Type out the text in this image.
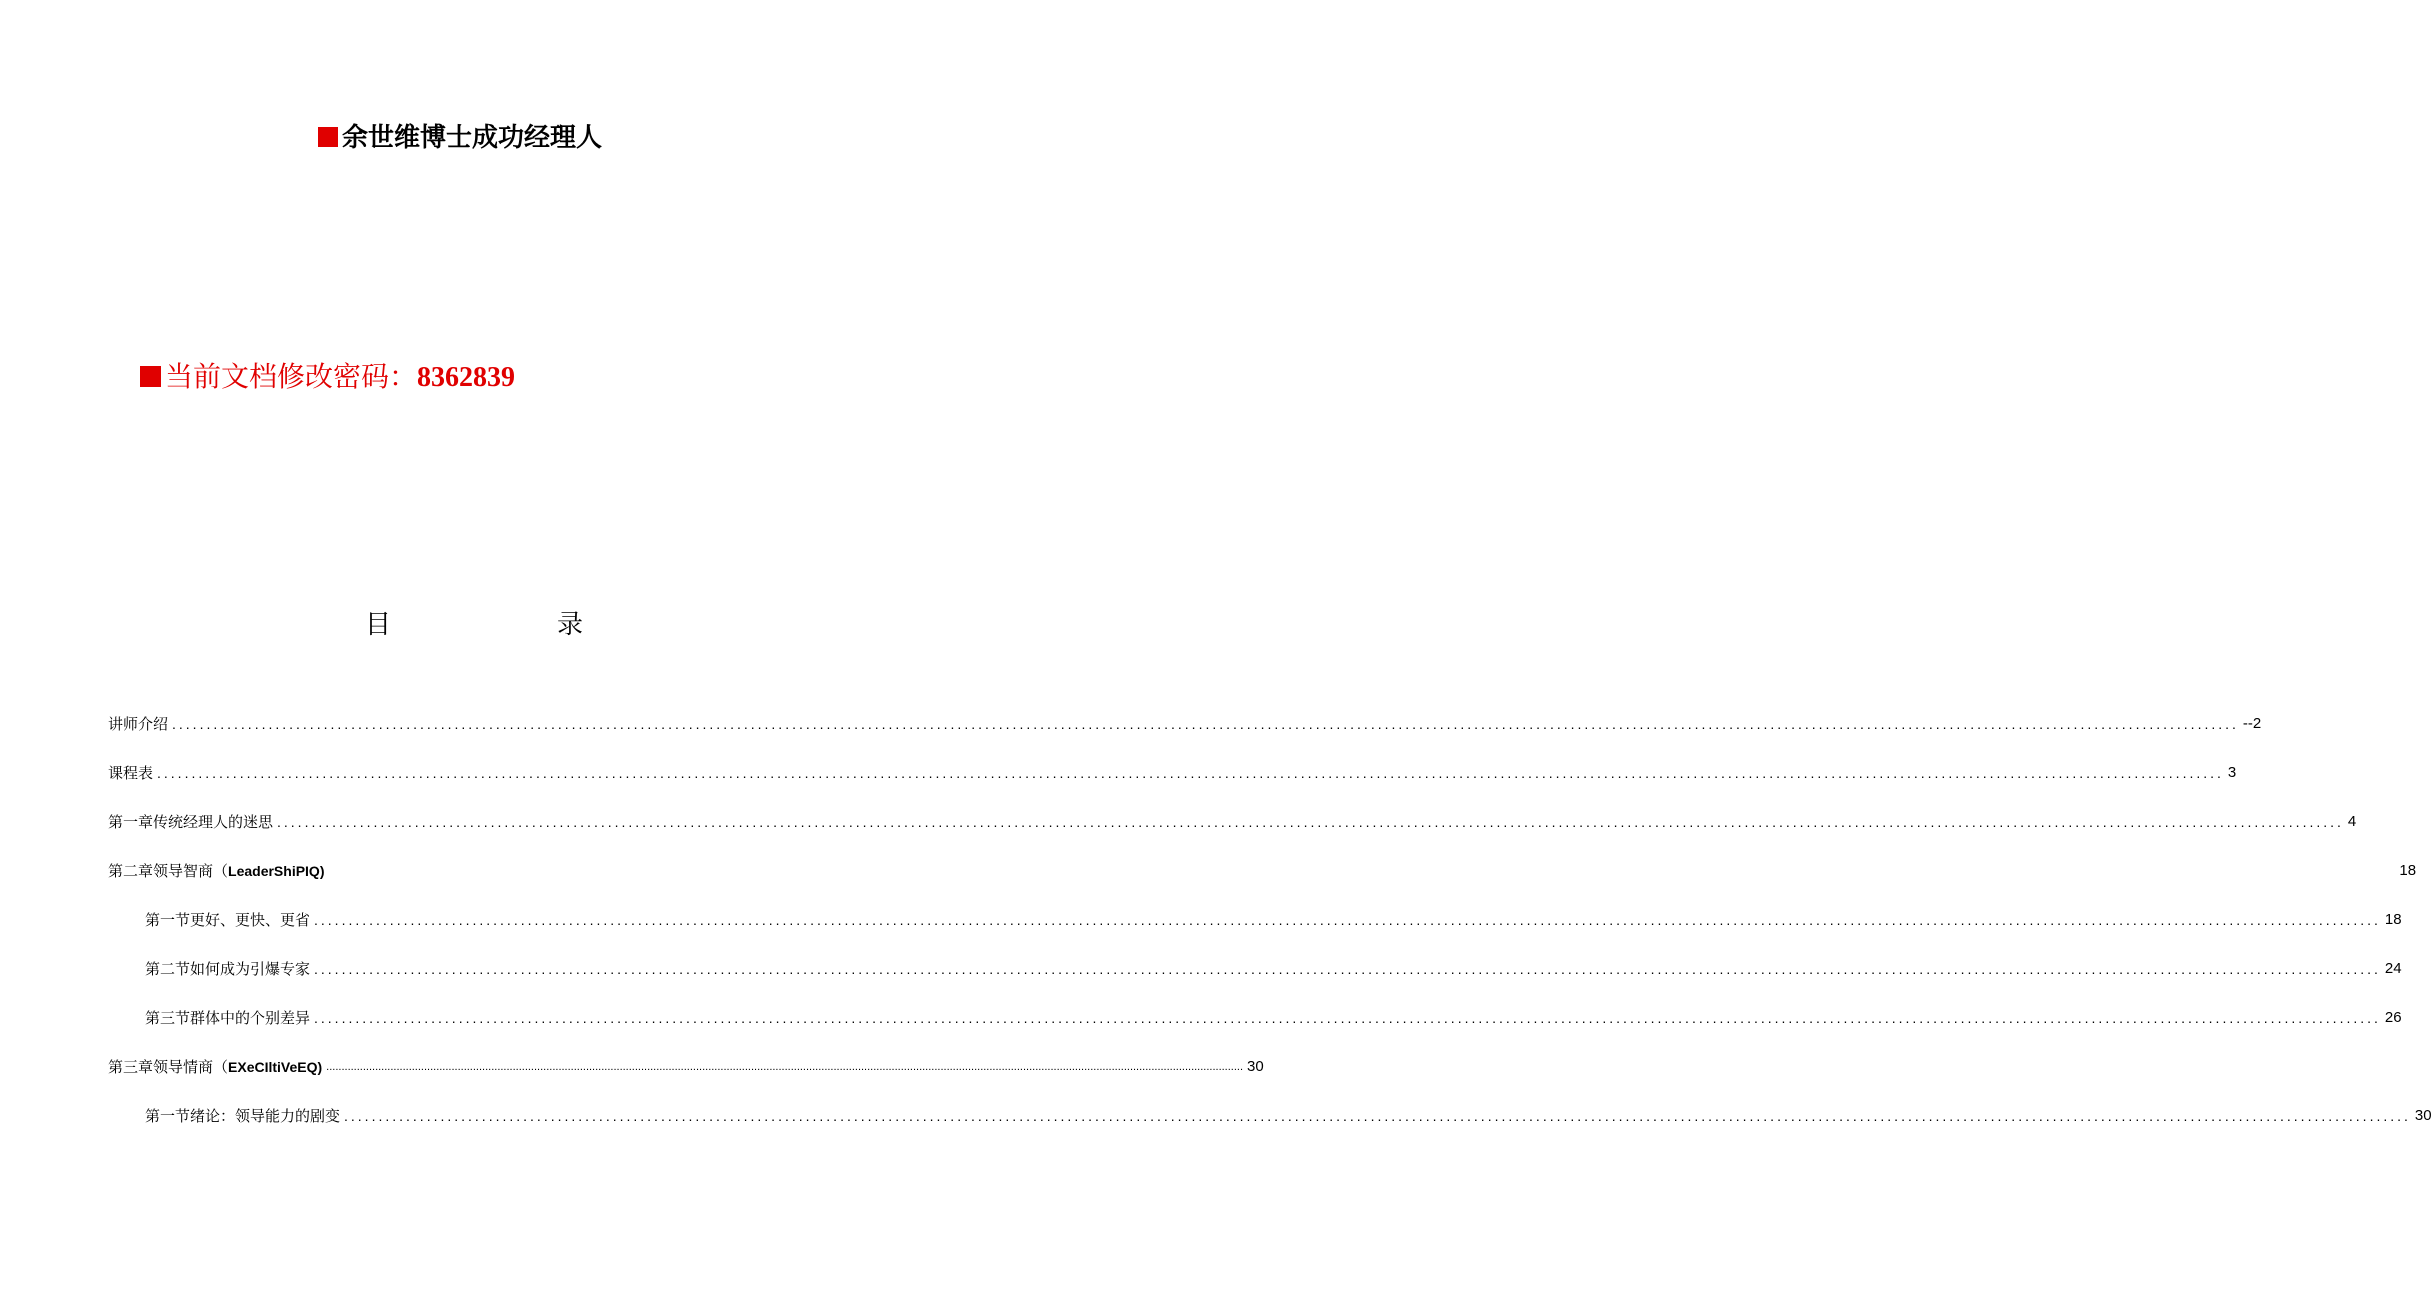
余世维博士成功经理人
当前文档修改密码：8362839
目	录
讲师介绍 ............................................................................................................................................................................................................................................................................................................ --2
课程表 ............................................................................................................................................................................................................................................................................................................ 3
第一章传统经理人的迷思 ............................................................................................................................................................................................................................................................................................................ 4
第二章领导智商（LeaderShiPIQ)	18
第一节更好、更快、更省 ............................................................................................................................................................................................................................................................................................................ 18
第二节如何成为引爆专家 ............................................................................................................................................................................................................................................................................................................ 24
第三节群体中的个别差异 ............................................................................................................................................................................................................................................................................................................ 26
第三章领导情商（EXeCIltiVeEQ) ............................................................................................................................................................................................................................................................................................................ 30
第一节绪论：领导能力的剧变 ............................................................................................................................................................................................................................................................................................................ 30
